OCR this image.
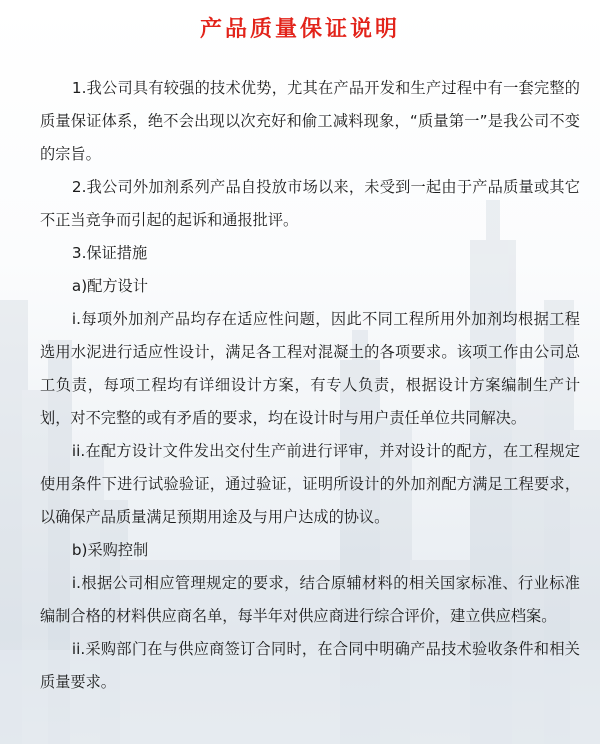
产品质量保证说明

1.我公司具有较强的技术优势，尤其在产品开发和生产过程中有一套完整的质量保证体系，绝不会出现以次充好和偷工减料现象，“质量第一”是我公司不变的宗旨。

2.我公司外加剂系列产品自投放市场以来，未受到一起由于产品质量或其它不正当竞争而引起的起诉和通报批评。

3.保证措施

a)配方设计

i.每项外加剂产品均存在适应性问题，因此不同工程所用外加剂均根据工程选用水泥进行适应性设计，满足各工程对混凝土的各项要求。该项工作由公司总工负责，每项工程均有详细设计方案，有专人负责，根据设计方案编制生产计划，对不完整的或有矛盾的要求，均在设计时与用户责任单位共同解决。

ii.在配方设计文件发出交付生产前进行评审，并对设计的配方，在工程规定使用条件下进行试验验证，通过验证，证明所设计的外加剂配方满足工程要求，以确保产品质量满足预期用途及与用户达成的协议。

b)采购控制

i.根据公司相应管理规定的要求，结合原辅材料的相关国家标准、行业标准编制合格的材料供应商名单，每半年对供应商进行综合评价，建立供应档案。

ii.采购部门在与供应商签订合同时，在合同中明确产品技术验收条件和相关质量要求。
